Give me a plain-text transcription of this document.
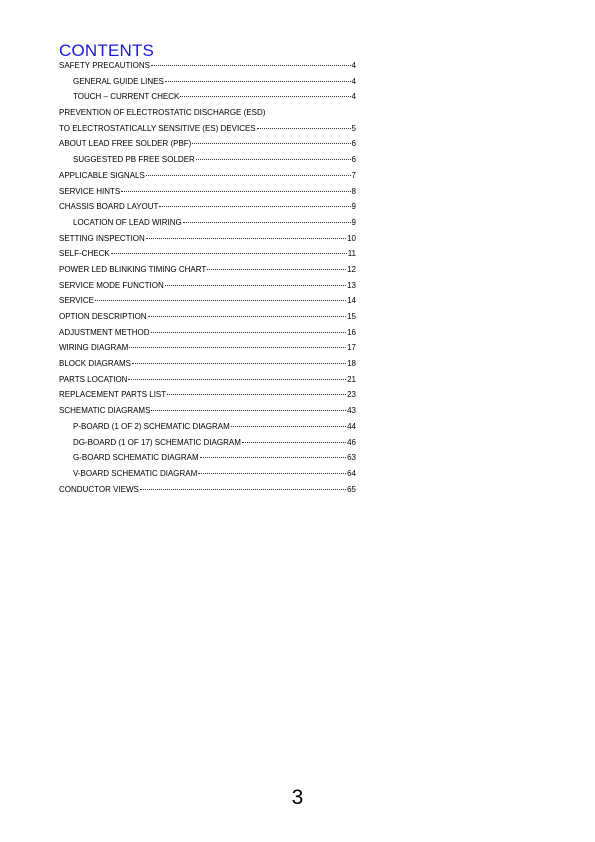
CONTENTS
SAFETY PRECAUTIONS	4
GENERAL GUIDE LINES	4
TOUCH – CURRENT CHECK	4
PREVENTION OF ELECTROSTATIC DISCHARGE (ESD)
TO ELECTROSTATICALLY SENSITIVE (ES) DEVICES	5
ABOUT LEAD FREE SOLDER (PBF)	6
SUGGESTED PB FREE SOLDER	6
APPLICABLE SIGNALS	7
SERVICE HINTS	8
CHASSIS BOARD LAYOUT	9
LOCATION OF LEAD WIRING	9
SETTING INSPECTION	10
SELF-CHECK	11
POWER LED BLINKING TIMING CHART	12
SERVICE MODE FUNCTION	13
SERVICE	14
OPTION DESCRIPTION	15
ADJUSTMENT METHOD	16
WIRING DIAGRAM	17
BLOCK DIAGRAMS	18
PARTS LOCATION	21
REPLACEMENT PARTS LIST	23
SCHEMATIC DIAGRAMS	43
P-BOARD (1 OF 2) SCHEMATIC DIAGRAM	44
DG-BOARD (1 OF 17) SCHEMATIC DIAGRAM	46
G-BOARD SCHEMATIC DIAGRAM	63
V-BOARD SCHEMATIC DIAGRAM	64
CONDUCTOR VIEWS	65
3
